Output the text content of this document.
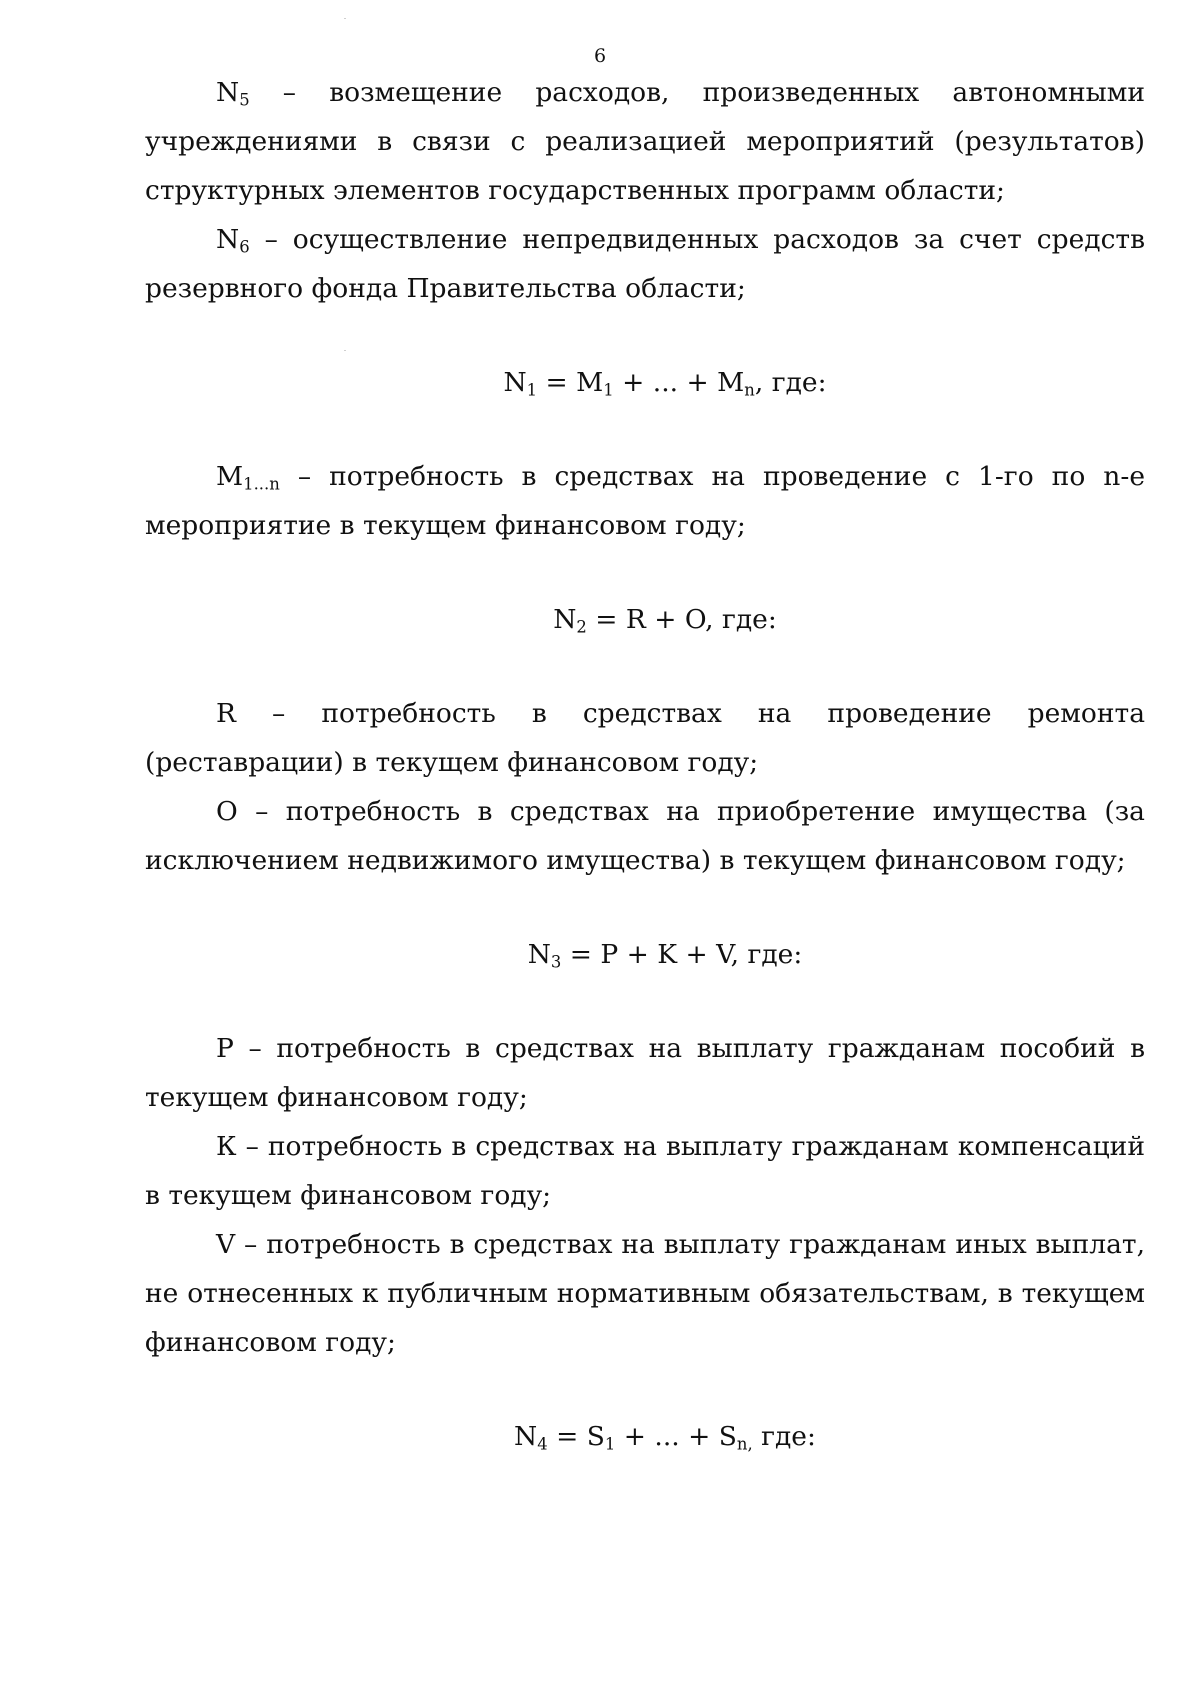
6

$N_5$ – возмещение расходов, произведенных автономными учреждениями в связи с реализацией мероприятий (результатов) структурных элементов государственных программ области;

$N_6$ – осуществление непредвиденных расходов за счет средств резервного фонда Правительства области;

$N_1 = M_1$ + ... + $M_n$, где:

$M_{1...n}$ – потребность в средствах на проведение с 1-го по n-е мероприятие в текущем финансовом году;

$N_2 = R + O$, где:

R – потребность в средствах на проведение ремонта (реставрации) в текущем финансовом году;

О – потребность в средствах на приобретение имущества (за исключением недвижимого имущества) в текущем финансовом году;

$N_3 = P + K + V$, где:

Р – потребность в средствах на выплату гражданам пособий в текущем финансовом году;

К – потребность в средствах на выплату гражданам компенсаций в текущем финансовом году;

V – потребность в средствах на выплату гражданам иных выплат, не отнесенных к публичным нормативным обязательствам, в текущем финансовом году;

$N_4 = S_1$ + ... + $S_{n,}$ где:
